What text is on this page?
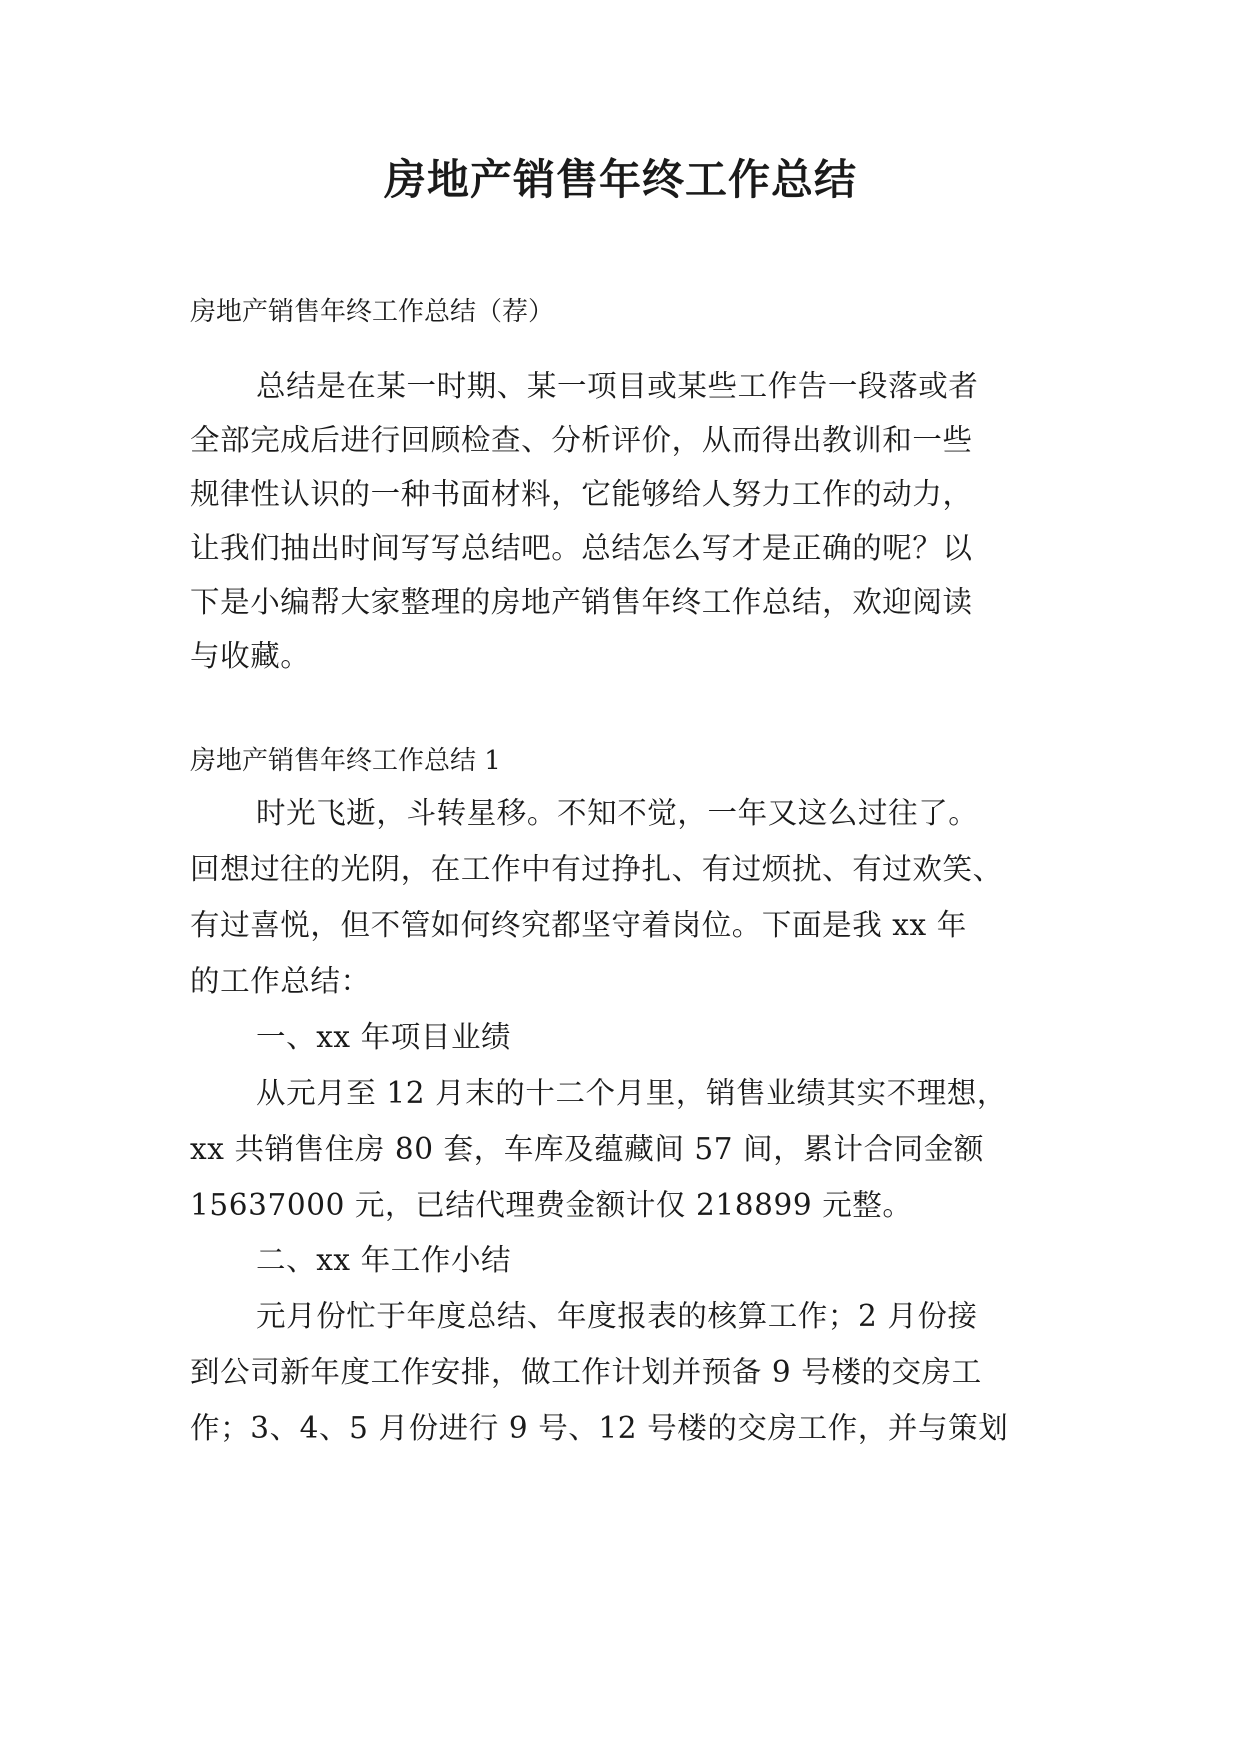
房地产销售年终工作总结

房地产销售年终工作总结（荐）

总结是在某一时期、某一项目或某些工作告一段落或者

全部完成后进行回顾检查、分析评价，从而得出教训和一些

规律性认识的一种书面材料，它能够给人努力工作的动力，

让我们抽出时间写写总结吧。总结怎么写才是正确的呢？以

下是小编帮大家整理的房地产销售年终工作总结，欢迎阅读

与收藏。

房地产销售年终工作总结 1

时光飞逝，斗转星移。不知不觉，一年又这么过往了。

回想过往的光阴，在工作中有过挣扎、有过烦扰、有过欢笑、

有过喜悦，但不管如何终究都坚守着岗位。下面是我 xx 年

的工作总结：

一、xx 年项目业绩

从元月至 12 月末的十二个月里，销售业绩其实不理想，

xx 共销售住房 80 套，车库及蕴藏间 57 间，累计合同金额

15637000 元，已结代理费金额计仅 218899 元整。

二、xx 年工作小结

元月份忙于年度总结、年度报表的核算工作；2 月份接

到公司新年度工作安排，做工作计划并预备 9 号楼的交房工

作；3、4、5 月份进行 9 号、12 号楼的交房工作，并与策划
